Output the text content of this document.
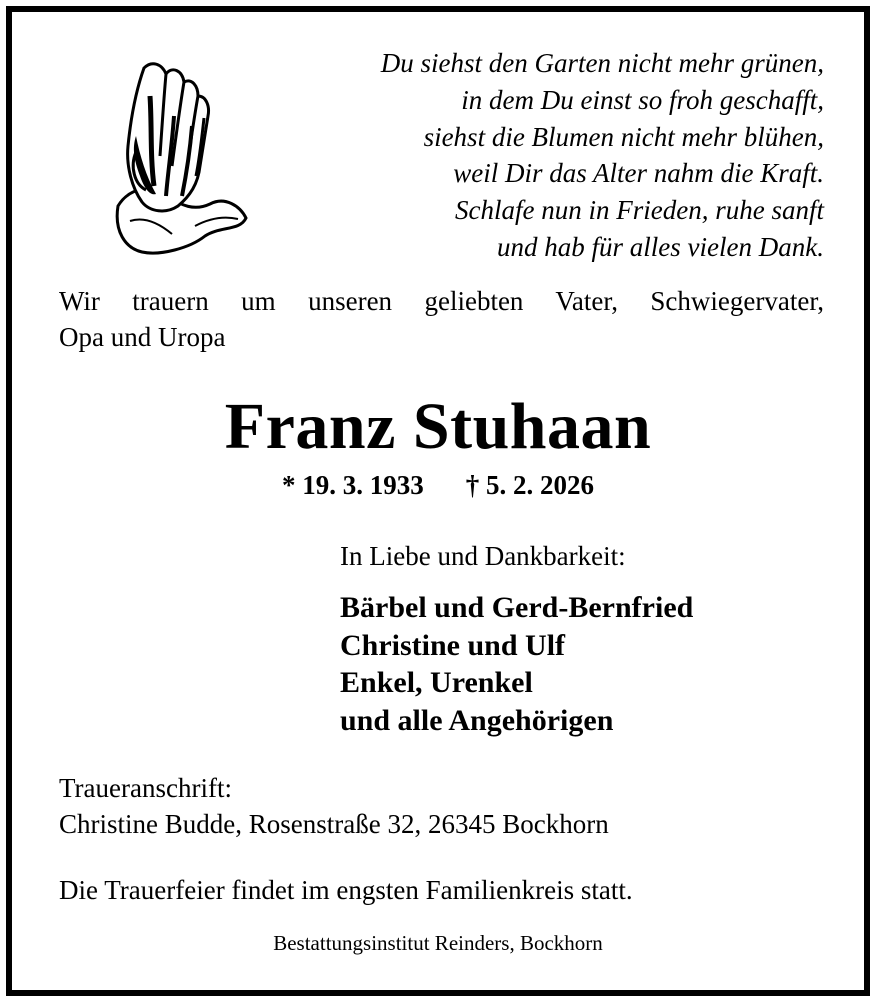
Du siehst den Garten nicht mehr grünen,
in dem Du einst so froh geschafft,
siehst die Blumen nicht mehr blühen,
weil Dir das Alter nahm die Kraft.
Schlafe nun in Frieden, ruhe sanft
und hab für alles vielen Dank.
Wir trauern um unseren geliebten Vater, Schwiegervater,
Opa und Uropa
Franz Stuhaan
* 19. 3. 1933 † 5. 2. 2026
In Liebe und Dankbarkeit:
Bärbel und Gerd-Bernfried
Christine und Ulf
Enkel, Urenkel
und alle Angehörigen
Traueranschrift:
Christine Budde, Rosenstraße 32, 26345 Bockhorn
Die Trauerfeier findet im engsten Familienkreis statt.
Bestattungsinstitut Reinders, Bockhorn
